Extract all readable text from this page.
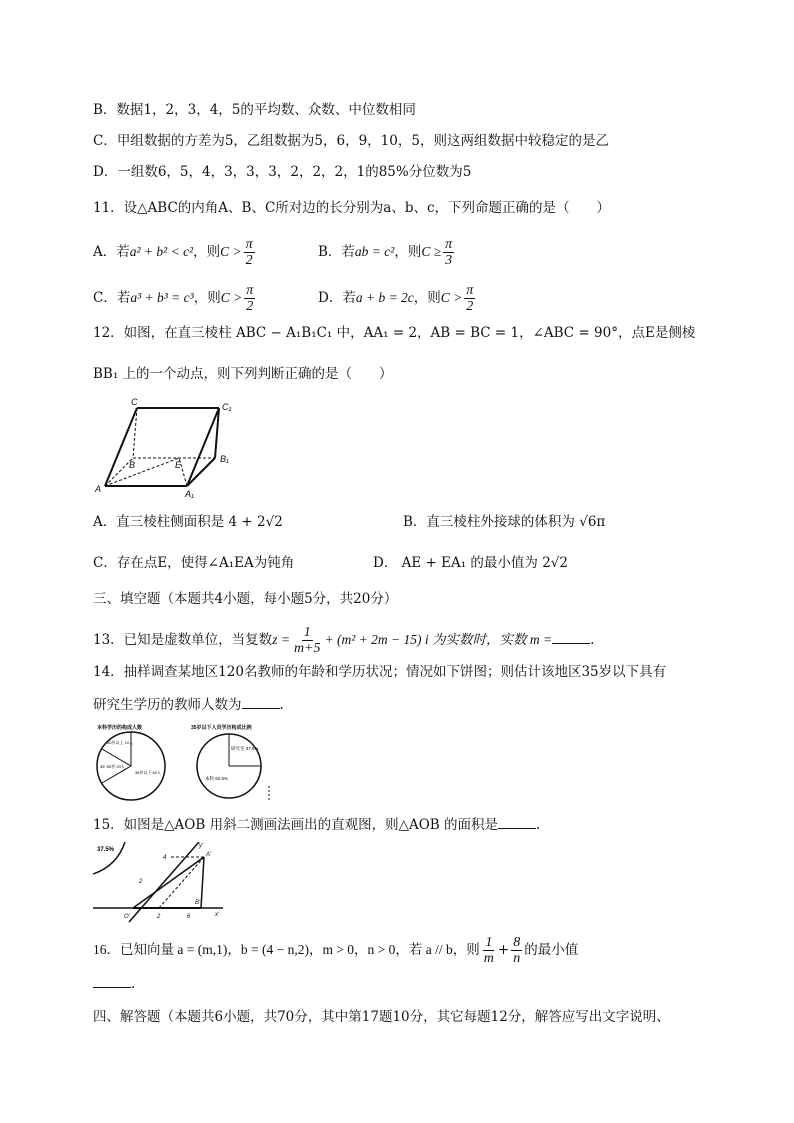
B．数据1，2，3，4，5的平均数、众数、中位数相同
C．甲组数据的方差为5，乙组数据为5，6，9，10，5，则这两组数据中较稳定的是乙
D．一组数6，5，4，3，3，3，2，2，2，1的85%分位数为5
11．设△ABC的内角A、B、C所对边的长分别为a、b、c，下列命题正确的是（　　）
A．若a² + b² < c²，则$C > \frac{\pi}{2}$	B．若ab = c²，则$C \ge \frac{\pi}{3}$
C．若a³ + b³ = c³，则$C > \frac{\pi}{2}$	D．若a + b = 2c，则$C > \frac{\pi}{2}$
12．如图，在直三棱柱 ABC − A₁B₁C₁ 中，AA₁ = 2，AB = BC = 1，∠ABC = 90°，点E是侧棱
BB₁ 上的一个动点，则下列判断正确的是（　　）
C	C₁
B	E
B₁
A	A₁
A．直三棱柱侧面积是 4 + 2√2	B．直三棱柱外接球的体积为 √6π
C．存在点E，使得∠A₁EA为钝角	D． AE + EA₁ 的最小值为 2√2
三、填空题（本题共4小题，每小题5分，共20分）
13．已知是虚数单位，当复数$z = \frac{1}{m+5} + (m^2 + 2m - 15)$ i 为实数时，实数 m =	.
14．抽样调查某地区120名教师的年龄和学历状况；情况如下饼图；则估计该地区35岁以下具有
研究生学历的教师人数为	.
本科学历的构成人数
50岁以上 10人
35~50岁 20人
35岁以下 60人
35岁以下人员学历构成比例
研究生 37.5%
本科 62.5%
15．如图是△AOB 用斜二测画法画出的直观图，则△AOB 的面积是	.
37.5%
y'
A'
O'
B'
x'
4
2
2	6
16．已知向量 a = (m,1)，b = (4 − n,2)，m > 0，n > 0，若 a // b，则 $\frac{1}{m} + \frac{8}{n}$ 的最小值
.
四、解答题（本题共6小题，共70分，其中第17题10分，其它每题12分，解答应写出文字说明、
